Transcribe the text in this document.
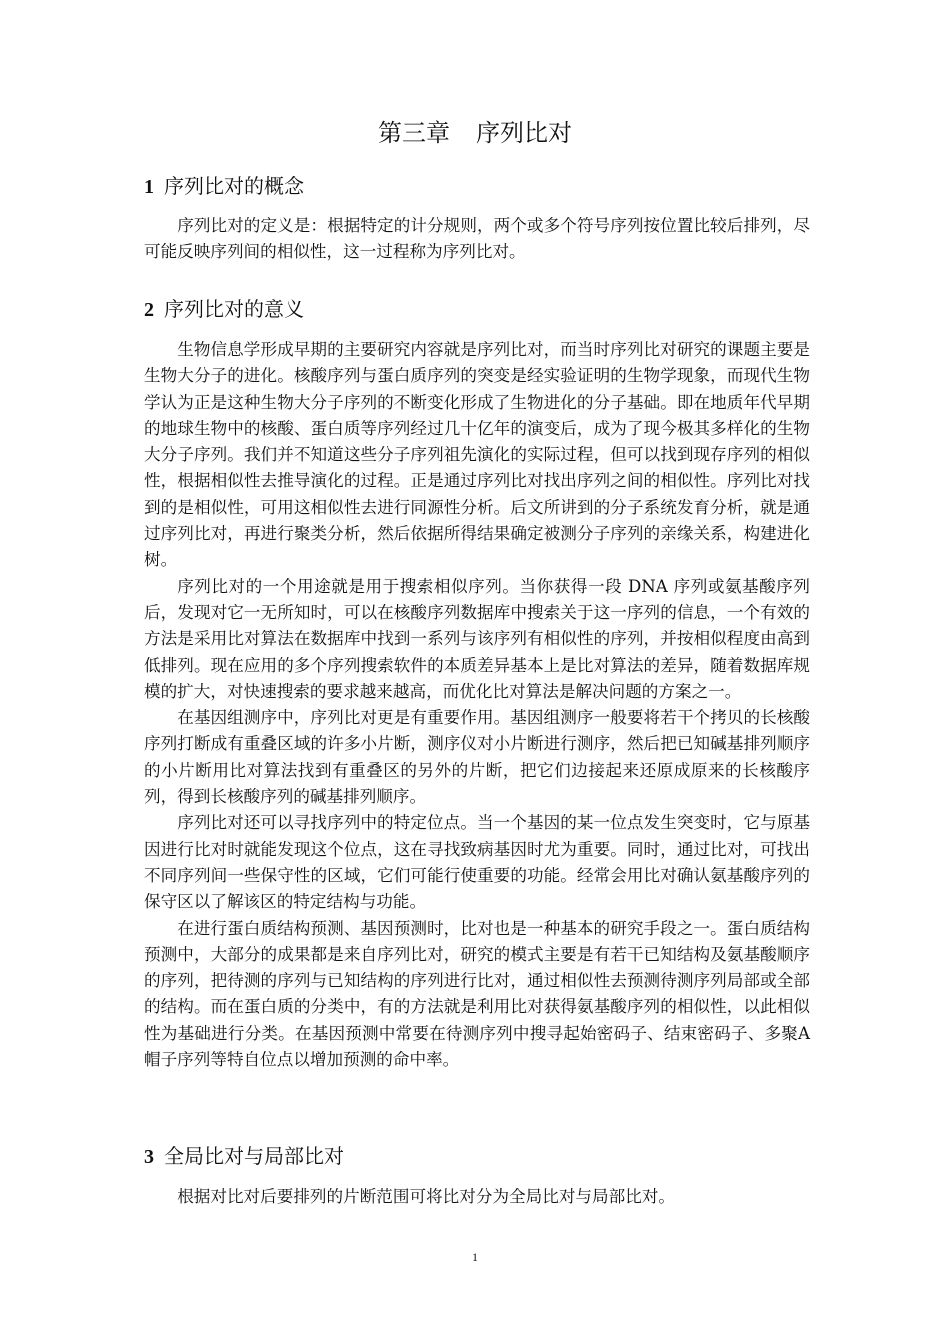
第三章 序列比对
1 序列比对的概念

序列比对的定义是：根据特定的计分规则，两个或多个符号序列按位置比较后排列，尽可能反映序列间的相似性，这一过程称为序列比对。

2 序列比对的意义

生物信息学形成早期的主要研究内容就是序列比对，而当时序列比对研究的课题主要是生物大分子的进化。核酸序列与蛋白质序列的突变是经实验证明的生物学现象，而现代生物学认为正是这种生物大分子序列的不断变化形成了生物进化的分子基础。即在地质年代早期的地球生物中的核酸、蛋白质等序列经过几十亿年的演变后，成为了现今极其多样化的生物大分子序列。我们并不知道这些分子序列祖先演化的实际过程，但可以找到现存序列的相似性，根据相似性去推导演化的过程。正是通过序列比对找出序列之间的相似性。序列比对找到的是相似性，可用这相似性去进行同源性分析。后文所讲到的分子系统发育分析，就是通过序列比对，再进行聚类分析，然后依据所得结果确定被测分子序列的亲缘关系，构建进化树。

序列比对的一个用途就是用于搜索相似序列。当你获得一段 DNA 序列或氨基酸序列后，发现对它一无所知时，可以在核酸序列数据库中搜索关于这一序列的信息，一个有效的方法是采用比对算法在数据库中找到一系列与该序列有相似性的序列，并按相似程度由高到低排列。现在应用的多个序列搜索软件的本质差异基本上是比对算法的差异，随着数据库规模的扩大，对快速搜索的要求越来越高，而优化比对算法是解决问题的方案之一。

在基因组测序中，序列比对更是有重要作用。基因组测序一般要将若干个拷贝的长核酸序列打断成有重叠区域的许多小片断，测序仪对小片断进行测序，然后把已知碱基排列顺序的小片断用比对算法找到有重叠区的另外的片断，把它们边接起来还原成原来的长核酸序列，得到长核酸序列的碱基排列顺序。

序列比对还可以寻找序列中的特定位点。当一个基因的某一位点发生突变时，它与原基因进行比对时就能发现这个位点，这在寻找致病基因时尤为重要。同时，通过比对，可找出不同序列间一些保守性的区域，它们可能行使重要的功能。经常会用比对确认氨基酸序列的保守区以了解该区的特定结构与功能。

在进行蛋白质结构预测、基因预测时，比对也是一种基本的研究手段之一。蛋白质结构预测中，大部分的成果都是来自序列比对，研究的模式主要是有若干已知结构及氨基酸顺序的序列，把待测的序列与已知结构的序列进行比对，通过相似性去预测待测序列局部或全部的结构。而在蛋白质的分类中，有的方法就是利用比对获得氨基酸序列的相似性，以此相似性为基础进行分类。在基因预测中常要在待测序列中搜寻起始密码子、结束密码子、多聚A 帽子序列等特自位点以增加预测的命中率。

3 全局比对与局部比对

根据对比对后要排列的片断范围可将比对分为全局比对与局部比对。

1
